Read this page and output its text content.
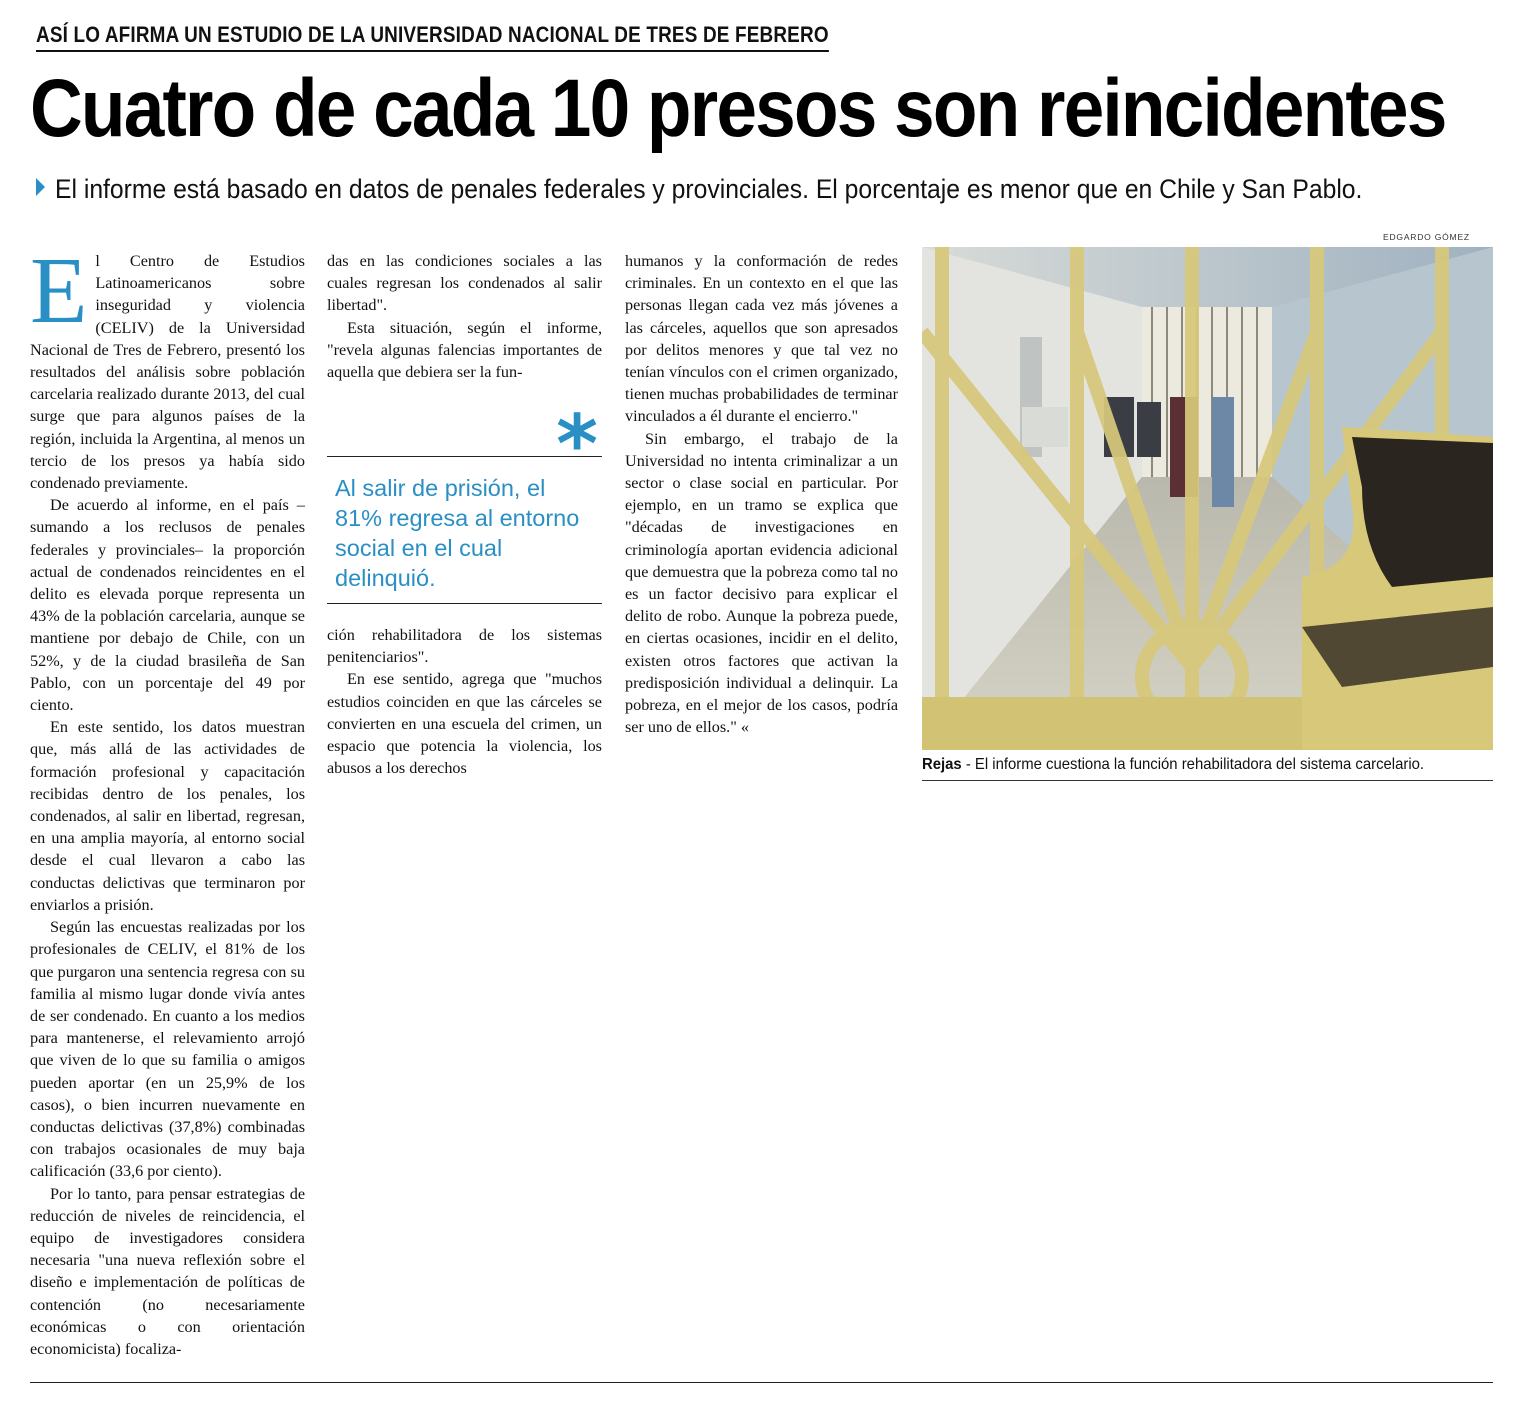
ASÍ LO AFIRMA UN ESTUDIO DE LA UNIVERSIDAD NACIONAL DE TRES DE FEBRERO
Cuatro de cada 10 presos son reincidentes
El informe está basado en datos de penales federales y provinciales. El porcentaje es menor que en Chile y San Pablo.

El Centro de Estudios Latinoamericanos sobre inseguridad y violencia (CELIV) de la Universidad Nacional de Tres de Febrero, presentó los resultados del análisis sobre población carcelaria realizado durante 2013, del cual surge que para algunos países de la región, incluida la Argentina, al menos un tercio de los presos ya había sido condenado previamente.

De acuerdo al informe, en el país –sumando a los reclusos de penales federales y provinciales– la proporción actual de condenados reincidentes en el delito es elevada porque representa un 43% de la población carcelaria, aunque se mantiene por debajo de Chile, con un 52%, y de la ciudad brasileña de San Pablo, con un porcentaje del 49 por ciento.

En este sentido, los datos muestran que, más allá de las actividades de formación profesional y capacitación recibidas dentro de los penales, los condenados, al salir en libertad, regresan, en una amplia mayoría, al entorno social desde el cual llevaron a cabo las conductas delictivas que terminaron por enviarlos a prisión.

Según las encuestas realizadas por los profesionales de CELIV, el 81% de los que purgaron una sentencia regresa con su familia al mismo lugar donde vivía antes de ser condenado. En cuanto a los medios para mantenerse, el relevamiento arrojó que viven de lo que su familia o amigos pueden aportar (en un 25,9% de los casos), o bien incurren nuevamente en conductas delictivas (37,8%) combinadas con trabajos ocasionales de muy baja calificación (33,6 por ciento).

Por lo tanto, para pensar estrategias de reducción de niveles de reincidencia, el equipo de investigadores considera necesaria "una nueva reflexión sobre el diseño e implementación de políticas de contención (no necesariamente económicas o con orientación economicista) focaliza-

das en las condiciones sociales a las cuales regresan los condenados al salir libertad".

Esta situación, según el informe, "revela algunas falencias importantes de aquella que debiera ser la fun-

*
Al salir de prisión, el 81% regresa al entorno social en el cual delinquió.

ción rehabilitadora de los sistemas penitenciarios".

En ese sentido, agrega que "muchos estudios coinciden en que las cárceles se convierten en una escuela del crimen, un espacio que potencia la violencia, los abusos a los derechos

humanos y la conformación de redes criminales. En un contexto en el que las personas llegan cada vez más jóvenes a las cárceles, aquellos que son apresados por delitos menores y que tal vez no tenían vínculos con el crimen organizado, tienen muchas probabilidades de terminar vinculados a él durante el encierro."

Sin embargo, el trabajo de la Universidad no intenta criminalizar a un sector o clase social en particular. Por ejemplo, en un tramo se explica que "décadas de investigaciones en criminología aportan evidencia adicional que demuestra que la pobreza como tal no es un factor decisivo para explicar el delito de robo. Aunque la pobreza puede, en ciertas ocasiones, incidir en el delito, existen otros factores que activan la predisposición individual a delinquir. La pobreza, en el mejor de los casos, podría ser uno de ellos." «

EDGARDO GÓMEZ
Rejas - El informe cuestiona la función rehabilitadora del sistema carcelario.
